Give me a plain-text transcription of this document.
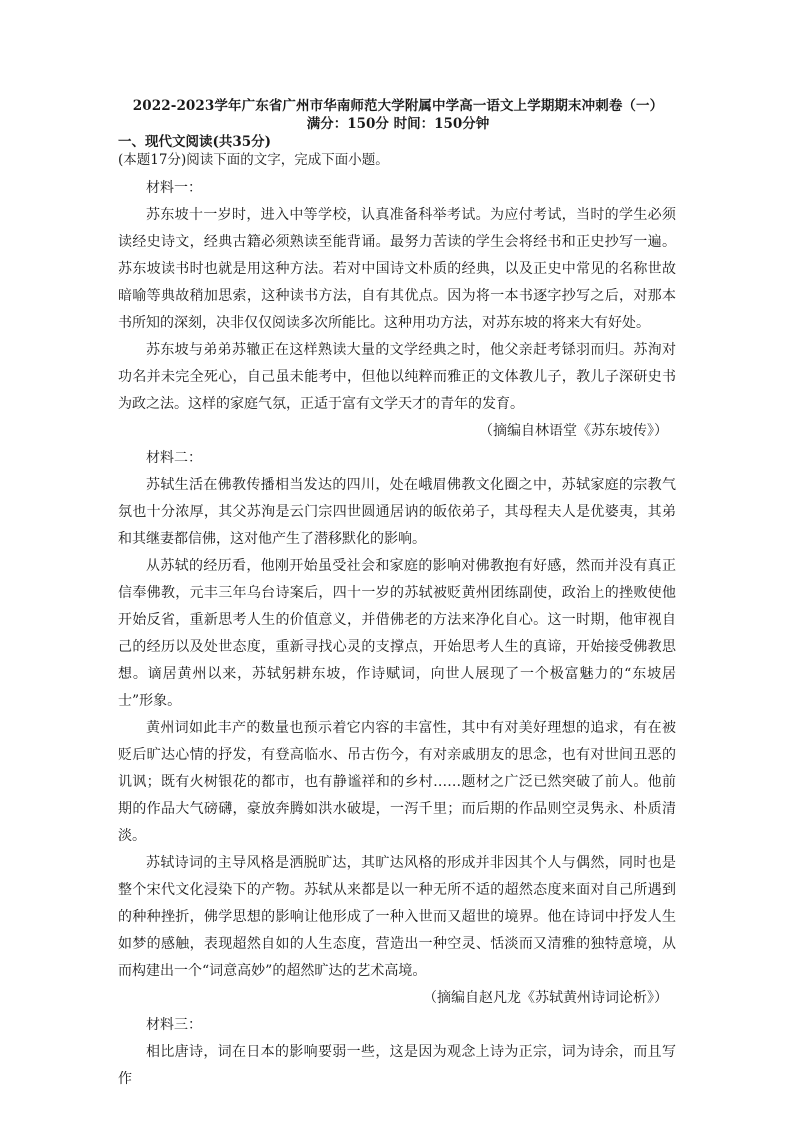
2022-2023学年广东省广州市华南师范大学附属中学高一语文上学期期末冲刺卷（一）
满分：150分 时间：150分钟
一、现代文阅读(共35分)
(本题17分)阅读下面的文字，完成下面小题。

材料一：

苏东坡十一岁时，进入中等学校，认真准备科举考试。为应付考试，当时的学生必须读经史诗文，经典古籍必须熟读至能背诵。最努力苦读的学生会将经书和正史抄写一遍。苏东坡读书时也就是用这种方法。若对中国诗文朴质的经典，以及正史中常见的名称世故暗喻等典故稍加思索，这种读书方法，自有其优点。因为将一本书逐字抄写之后，对那本书所知的深刻，决非仅仅阅读多次所能比。这种用功方法，对苏东坡的将来大有好处。

苏东坡与弟弟苏辙正在这样熟读大量的文学经典之时，他父亲赶考铩羽而归。苏洵对功名并未完全死心，自己虽未能考中，但他以纯粹而雅正的文体教儿子，教儿子深研史书为政之法。这样的家庭气氛，正适于富有文学天才的青年的发育。

（摘编自林语堂《苏东坡传》）

材料二：

苏轼生活在佛教传播相当发达的四川，处在峨眉佛教文化圈之中，苏轼家庭的宗教气氛也十分浓厚，其父苏洵是云门宗四世圆通居讷的皈依弟子，其母程夫人是优婆夷，其弟和其继妻都信佛，这对他产生了潜移默化的影响。

从苏轼的经历看，他刚开始虽受社会和家庭的影响对佛教抱有好感，然而并没有真正信奉佛教，元丰三年乌台诗案后，四十一岁的苏轼被贬黄州团练副使，政治上的挫败使他开始反省，重新思考人生的价值意义，并借佛老的方法来净化自心。这一时期，他审视自己的经历以及处世态度，重新寻找心灵的支撑点，开始思考人生的真谛，开始接受佛教思想。谪居黄州以来，苏轼躬耕东坡，作诗赋词，向世人展现了一个极富魅力的“东坡居士”形象。

黄州词如此丰产的数量也预示着它内容的丰富性，其中有对美好理想的追求，有在被贬后旷达心情的抒发，有登高临水、吊古伤今，有对亲戚朋友的思念，也有对世间丑恶的讥讽；既有火树银花的都市，也有静谧祥和的乡村……题材之广泛已然突破了前人。他前期的作品大气磅礴，豪放奔腾如洪水破堤，一泻千里；而后期的作品则空灵隽永、朴质清淡。

苏轼诗词的主导风格是洒脱旷达，其旷达风格的形成并非因其个人与偶然，同时也是整个宋代文化浸染下的产物。苏轼从来都是以一种无所不适的超然态度来面对自己所遇到的种种挫折，佛学思想的影响让他形成了一种入世而又超世的境界。他在诗词中抒发人生如梦的感触，表现超然自如的人生态度，营造出一种空灵、恬淡而又清雅的独特意境，从而构建出一个“词意高妙”的超然旷达的艺术高境。

（摘编自赵凡龙《苏轼黄州诗词论析》）

材料三：

相比唐诗，词在日本的影响要弱一些，这是因为观念上诗为正宗，词为诗余，而且写作
